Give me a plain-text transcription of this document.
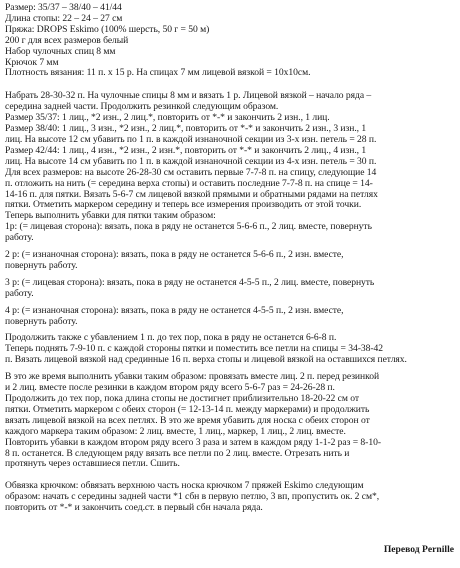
Размер: 35/37 – 38/40 – 41/44
Длина стопы: 22 – 24 – 27 см
Пряжа: DROPS Eskimo (100% шерсть, 50 г = 50 м)
200 г для всех размеров белый
Набор чулочных спиц 8 мм
Крючок 7 мм
Плотность вязания: 11 п. х 15 р. На спицах 7 мм лицевой вязкой = 10х10см.
Набрать 28-30-32 п. На чулочные спицы 8 мм и вязать 1 р. Лицевой вязкой – начало ряда –
середина задней части. Продолжить резинкой следующим образом.
Размер 35/37: 1 лиц., *2 изн., 2 лиц.*, повторить от *-* и закончить 2 изн., 1 лиц.
Размер 38/40: 1 лиц., 3 изн., *2 изн., 2 лиц.*, повторить от *-* и закончить 2 изн., 3 изн., 1
лиц. На высоте 12 см убавить по 1 п. в каждой изнаночной секции из 3-х изн. петель = 28 п.
Размер 42/44: 1 лиц., 4 изн., *2 изн., 2 изн.*, повторить от *-* и закончить 2 лиц., 4 изн., 1
лиц. На высоте 14 см убавить по 1 п. в каждой изнаночной секции из 4-х изн. петель = 30 п.
Для всех размеров: на высоте 26-28-30 см оставить первые 7-7-8 п. на спицу, следующие 14
п. отложить на нить (= середина верха стопы) и оставить последние 7-7-8 п. на спице = 14-
14-16 п. для пятки. Вязать 5-6-7 см лицевой вязкой прямыми и обратными рядами на петлях
пятки. Отметить маркером середину и теперь все измерения производить от этой точки.
Теперь выполнить убавки для пятки таким образом:
1р: (= лицевая сторона): вязать, пока в ряду не останется 5-6-6 п., 2 лиц. вместе, повернуть
работу.
2 р: (= изнаночная сторона): вязать, пока в ряду не останется 5-6-6 п., 2 изн. вместе,
повернуть работу.
3 р: (= лицевая сторона): вязать, пока в ряду не останется 4-5-5 п., 2 лиц. вместе, повернуть
работу.
4 р: (= изнаночная сторона): вязать, пока в ряду не останется 4-5-5 п., 2 изн. вместе,
повернуть работу.
Продолжить также с убавлением 1 п. до тех пор, пока в ряду не останется 6-6-8 п.
Теперь поднять 7-9-10 п. с каждой стороны пятки и поместить все петли на спицы = 34-38-42
п. Вязать лицевой вязкой над срединные 16 п. верха стопы и лицевой вязкой на оставшихся петлях.
В это же время выполнить убавки таким образом: провязать вместе лиц. 2 п. перед резинкой
и 2 лиц. вместе после резинки в каждом втором ряду всего 5-6-7 раз = 24-26-28 п.
Продолжить до тех пор, пока длина стопы не достигнет приблизительно 18-20-22 см от
пятки. Отметить маркером с обеих сторон (= 12-13-14 п. между маркерами) и продолжить
вязать лицевой вязкой на всех петлях. В это же время убавить для носка с обеих сторон от
каждого маркера таким образом: 2 лиц. вместе, 1 лиц., маркер, 1 лиц., 2 лиц. вместе.
Повторить убавки в каждом втором ряду всего 3 раза и затем в каждом ряду 1-1-2 раз = 8-10-
8 п. останется. В следующем ряду вязать все петли по 2 лиц. вместе. Отрезать нить и
протянуть через оставшиеся петли. Сшить.
Обвязка крючком: обвязать верхнюю часть носка крючком 7 пряжей Eskimo следующим
образом: начать с середины задней части *1 сбн в первую петлю, 3 вп, пропустить ок. 2 см*,
повторить от *-* и закончить соед.ст. в первый сбн начала ряда.
Перевод Pernille
